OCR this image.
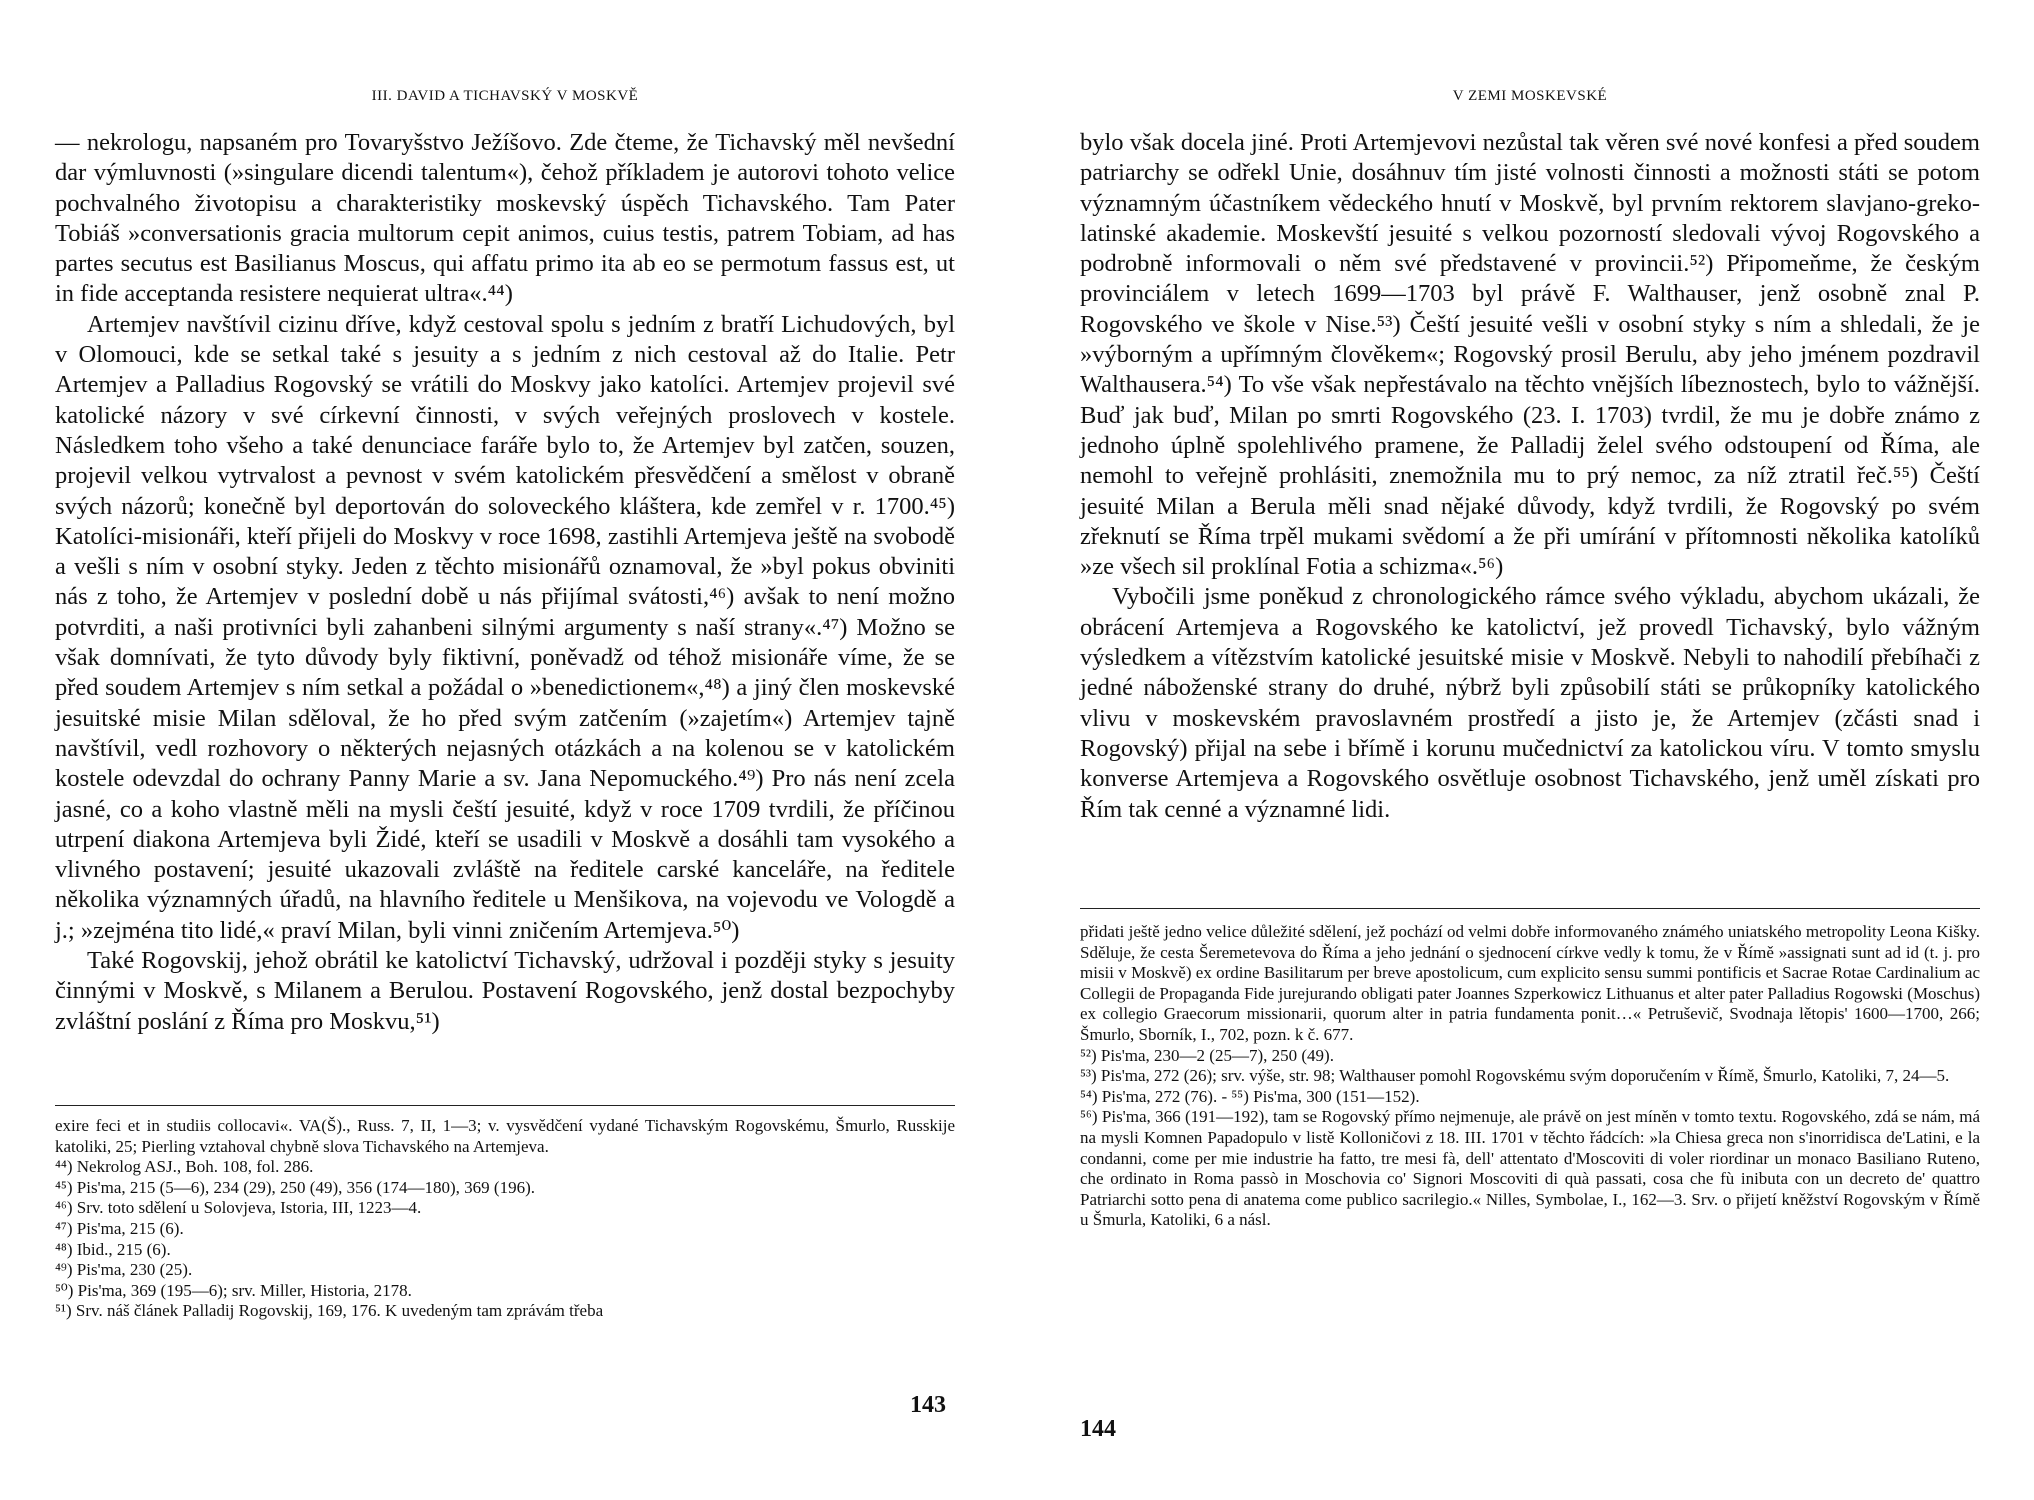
III. DAVID A TICHAVSKÝ V MOSKVĚ

— nekrologu, napsaném pro Tovaryšstvo Ježíšovo. Zde čteme, že Tichavský měl nevšední dar výmluvnosti (»singulare dicendi talentum«), čehož příkladem je autorovi tohoto velice pochvalného životopisu a charakteristiky moskevský úspěch Tichavského. Tam Pater Tobiáš »conversationis gracia multorum cepit animos, cuius testis, patrem Tobiam, ad has partes secutus est Basilianus Moscus, qui affatu primo ita ab eo se permotum fassus est, ut in fide acceptanda resistere nequierat ultra«.⁴⁴)

Artemjev navštívil cizinu dříve, když cestoval spolu s jedním z bratří Lichudových, byl v Olomouci, kde se setkal také s jesuity a s jedním z nich cestoval až do Italie. Petr Artemjev a Palladius Rogovský se vrátili do Moskvy jako katolíci. Artemjev projevil své katolické názory v své církevní činnosti, v svých veřejných proslovech v kostele. Následkem toho všeho a také denunciace faráře bylo to, že Artemjev byl zatčen, souzen, projevil velkou vytrvalost a pevnost v svém katolickém přesvědčení a smělost v obraně svých názorů; konečně byl deportován do soloveckého kláštera, kde zemřel v r. 1700.⁴⁵) Katolíci-misionáři, kteří přijeli do Moskvy v roce 1698, zastihli Artemjeva ještě na svobodě a vešli s ním v osobní styky. Jeden z těchto misionářů oznamoval, že »byl pokus obviniti nás z toho, že Artemjev v poslední době u nás přijímal svátosti,⁴⁶) avšak to není možno potvrditi, a naši protivníci byli zahanbeni silnými argumenty s naší strany«.⁴⁷) Možno se však domnívati, že tyto důvody byly fiktivní, poněvadž od téhož misionáře víme, že se před soudem Artemjev s ním setkal a požádal o »benedictionem«,⁴⁸) a jiný člen moskevské jesuitské misie Milan sděloval, že ho před svým zatčením (»zajetím«) Artemjev tajně navštívil, vedl rozhovory o některých nejasných otázkách a na kolenou se v katolickém kostele odevzdal do ochrany Panny Marie a sv. Jana Nepomuckého.⁴⁹) Pro nás není zcela jasné, co a koho vlastně měli na mysli čeští jesuité, když v roce 1709 tvrdili, že příčinou utrpení diakona Artemjeva byli Židé, kteří se usadili v Moskvě a dosáhli tam vysokého a vlivného postavení; jesuité ukazovali zvláště na ředitele carské kanceláře, na ředitele několika významných úřadů, na hlavního ředitele u Menšikova, na vojevodu ve Vologdě a j.; »zejména tito lidé,« praví Milan, byli vinni zničením Artemjeva.⁵⁰)

Také Rogovskij, jehož obrátil ke katolictví Tichavský, udržoval i později styky s jesuity činnými v Moskvě, s Milanem a Berulou. Postavení Rogovského, jenž dostal bezpochyby zvláštní poslání z Říma pro Moskvu,⁵¹)

exire feci et in studiis collocavi«. VA(Š)., Russ. 7, II, 1—3; v. vysvědčení vydané Tichavským Rogovskému, Šmurlo, Russkije katoliki, 25; Pierling vztahoval chybně slova Tichavského na Artemjeva.

⁴⁴) Nekrolog ASJ., Boh. 108, fol. 286.

⁴⁵) Pis'ma, 215 (5—6), 234 (29), 250 (49), 356 (174—180), 369 (196).

⁴⁶) Srv. toto sdělení u Solovjeva, Istoria, III, 1223—4.

⁴⁷) Pis'ma, 215 (6).

⁴⁸) Ibid., 215 (6).

⁴⁹) Pis'ma, 230 (25).

⁵⁰) Pis'ma, 369 (195—6); srv. Miller, Historia, 2178.

⁵¹) Srv. náš článek Palladij Rogovskij, 169, 176. K uvedeným tam zprávám třeba

143
V ZEMI MOSKEVSKÉ

bylo však docela jiné. Proti Artemjevovi nezůstal tak věren své nové konfesi a před soudem patriarchy se odřekl Unie, dosáhnuv tím jisté volnosti činnosti a možnosti státi se potom významným účastníkem vědeckého hnutí v Moskvě, byl prvním rektorem slavjano-greko-latinské akademie. Moskevští jesuité s velkou pozorností sledovali vývoj Rogovského a podrobně informovali o něm své představené v provincii.⁵²) Připomeňme, že českým provinciálem v letech 1699—1703 byl právě F. Walthauser, jenž osobně znal P. Rogovského ve škole v Nise.⁵³) Čeští jesuité vešli v osobní styky s ním a shledali, že je »výborným a upřímným člověkem«; Rogovský prosil Berulu, aby jeho jménem pozdravil Walthausera.⁵⁴) To vše však nepřestávalo na těchto vnějších líbeznostech, bylo to vážnější. Buď jak buď, Milan po smrti Rogovského (23. I. 1703) tvrdil, že mu je dobře známo z jednoho úplně spolehlivého pramene, že Palladij želel svého odstoupení od Říma, ale nemohl to veřejně prohlásiti, znemožnila mu to prý nemoc, za níž ztratil řeč.⁵⁵) Čeští jesuité Milan a Berula měli snad nějaké důvody, když tvrdili, že Rogovský po svém zřeknutí se Říma trpěl mukami svědomí a že při umírání v přítomnosti několika katolíků »ze všech sil proklínal Fotia a schizma«.⁵⁶)

Vybočili jsme poněkud z chronologického rámce svého výkladu, abychom ukázali, že obrácení Artemjeva a Rogovského ke katolictví, jež provedl Tichavský, bylo vážným výsledkem a vítězstvím katolické jesuitské misie v Moskvě. Nebyli to nahodilí přebíhači z jedné náboženské strany do druhé, nýbrž byli způsobilí státi se průkopníky katolického vlivu v moskevském pravoslavném prostředí a jisto je, že Artemjev (zčásti snad i Rogovský) přijal na sebe i břímě i korunu mučednictví za katolickou víru. V tomto smyslu konverse Artemjeva a Rogovského osvětluje osobnost Tichavského, jenž uměl získati pro Řím tak cenné a významné lidi.

přidati ještě jedno velice důležité sdělení, jež pochází od velmi dobře informovaného známého uniatského metropolity Leona Kišky. Sděluje, že cesta Šeremetevova do Říma a jeho jednání o sjednocení církve vedly k tomu, že v Římě »assignati sunt ad id (t. j. pro misii v Moskvě) ex ordine Basilitarum per breve apostolicum, cum explicito sensu summi pontificis et Sacrae Rotae Cardinalium ac Collegii de Propaganda Fide jurejurando obligati pater Joannes Szperkowicz Lithuanus et alter pater Palladius Rogowski (Moschus) ex collegio Graecorum missionarii, quorum alter in patria fundamenta ponit…« Petruševič, Svodnaja lětopis' 1600—1700, 266; Šmurlo, Sborník, I., 702, pozn. k č. 677.

⁵²) Pis'ma, 230—2 (25—7), 250 (49).

⁵³) Pis'ma, 272 (26); srv. výše, str. 98; Walthauser pomohl Rogovskému svým doporučením v Římě, Šmurlo, Katoliki, 7, 24—5.

⁵⁴) Pis'ma, 272 (76). - ⁵⁵) Pis'ma, 300 (151—152).

⁵⁶) Pis'ma, 366 (191—192), tam se Rogovský přímo nejmenuje, ale právě on jest míněn v tomto textu. Rogovského, zdá se nám, má na mysli Komnen Papadopulo v listě Kolloničovi z 18. III. 1701 v těchto řádcích: »la Chiesa greca non s'inorridisca de'Latini, e la condanni, come per mie industrie ha fatto, tre mesi fà, dell' attentato d'Moscoviti di voler riordinar un monaco Basiliano Ruteno, che ordinato in Roma passò in Moschovia co' Signori Moscoviti di quà passati, cosa che fù inibuta con un decreto de' quattro Patriarchi sotto pena di anatema come publico sacrilegio.« Nilles, Symbolae, I., 162—3. Srv. o přijetí kněžství Rogovským v Římě u Šmurla, Katoliki, 6 a násl.

144
